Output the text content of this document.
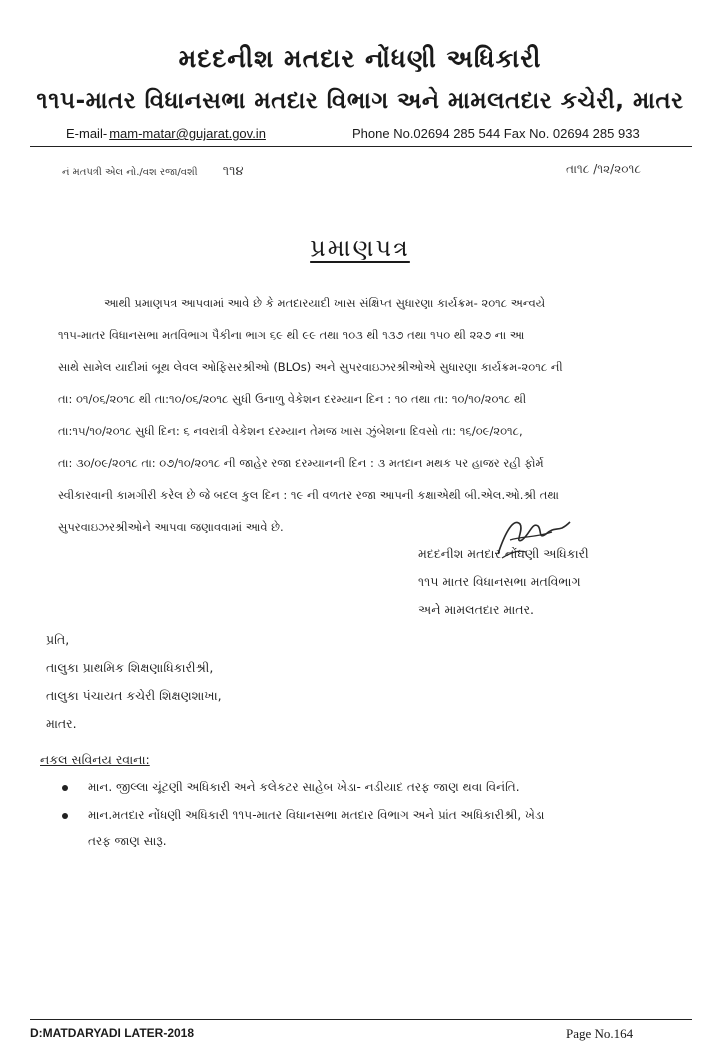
મદદનીશ મતદાર નોંધણી અધિકારી
૧૧૫-માતર વિધાનસભા મતદાર વિભાગ અને મામલતદાર કચેરી, માતર
E-mail- mam-matar@gujarat.gov.in	Phone No.02694 285 544 Fax No. 02694 285 933
નં મતપત્રી એલ નો./વશ રજા/વશી ૧૧૪	તા૧૮ /૧૨/૨૦૧૮
પ્રમાણપત્ર
આથી પ્રમાણપત્ર આપવામાં આવે છે કે મતદારયાદી ખાસ સંક્ષિપ્ત સુધારણા કાર્યક્રમ- ૨૦૧૮ અન્વયે
૧૧૫-માતર વિધાનસભા મતવિભાગ પૈકીના ભાગ ૬૯ થી ૯૯ તથા ૧૦૩ થી ૧૩૭ તથા ૧૫૦ થી ૨૨૭ ના આ
સાથે સામેલ યાદીમાં બૂથ લેવલ ઓફિસરશ્રીઓ (BLOs) અને સુપરવાઇઝરશ્રીઓએ સુધારણા કાર્યક્રમ-૨૦૧૮ ની
તા: ૦૧/૦૬/૨૦૧૮ થી તા:૧૦/૦૬/૨૦૧૮ સુધી ઉનાળુ વેકેશન દરમ્યાન દિન : ૧૦ તથા તા: ૧૦/૧૦/૨૦૧૮ થી
તા:૧૫/૧૦/૨૦૧૮ સુધી દિન: ૬ નવરાત્રી વેકેશન દરમ્યાન તેમજ ખાસ ઝુંબેશના દિવસો તા: ૧૬/૦૯/૨૦૧૮,
તા: ૩૦/૦૯/૨૦૧૮ તા: ૦૭/૧૦/૨૦૧૮ ની જાહેર રજા દરમ્યાનની દિન : ૩ મતદાન મથક પર હાજર રહી ફોર્મ
સ્વીકારવાની કામગીરી કરેલ છે જે બદલ કુલ દિન : ૧૯ ની વળતર રજા આપની કક્ષાએથી બી.એલ.ઓ.શ્રી તથા
સુપરવાઇઝરશ્રીઓને આપવા જણાવવામાં આવે છે.
મદદનીશ મતદાર નોંધણી અધિકારી
૧૧૫ માતર વિધાનસભા મતવિભાગ
અને મામલતદાર માતર.
પ્રતિ,
તાલુકા પ્રાથમિક શિક્ષણાધિકારીશ્રી,
તાલુકા પંચાયત કચેરી શિક્ષણશાખા,
માતર.
નકલ સવિનય રવાના:
માન. જીલ્લા ચૂંટણી અધિકારી અને કલેકટર સાહેબ ખેડા- નડીયાદ તરફ જાણ થવા વિનંતિ.
માન.મતદાર નોંધણી અધિકારી ૧૧૫-માતર વિધાનસભા મતદાર વિભાગ અને પ્રાંત અધિકારીશ્રી, ખેડા
તરફ જાણ સારૂ.
D:MATDARYADI LATER-2018	Page No.164
